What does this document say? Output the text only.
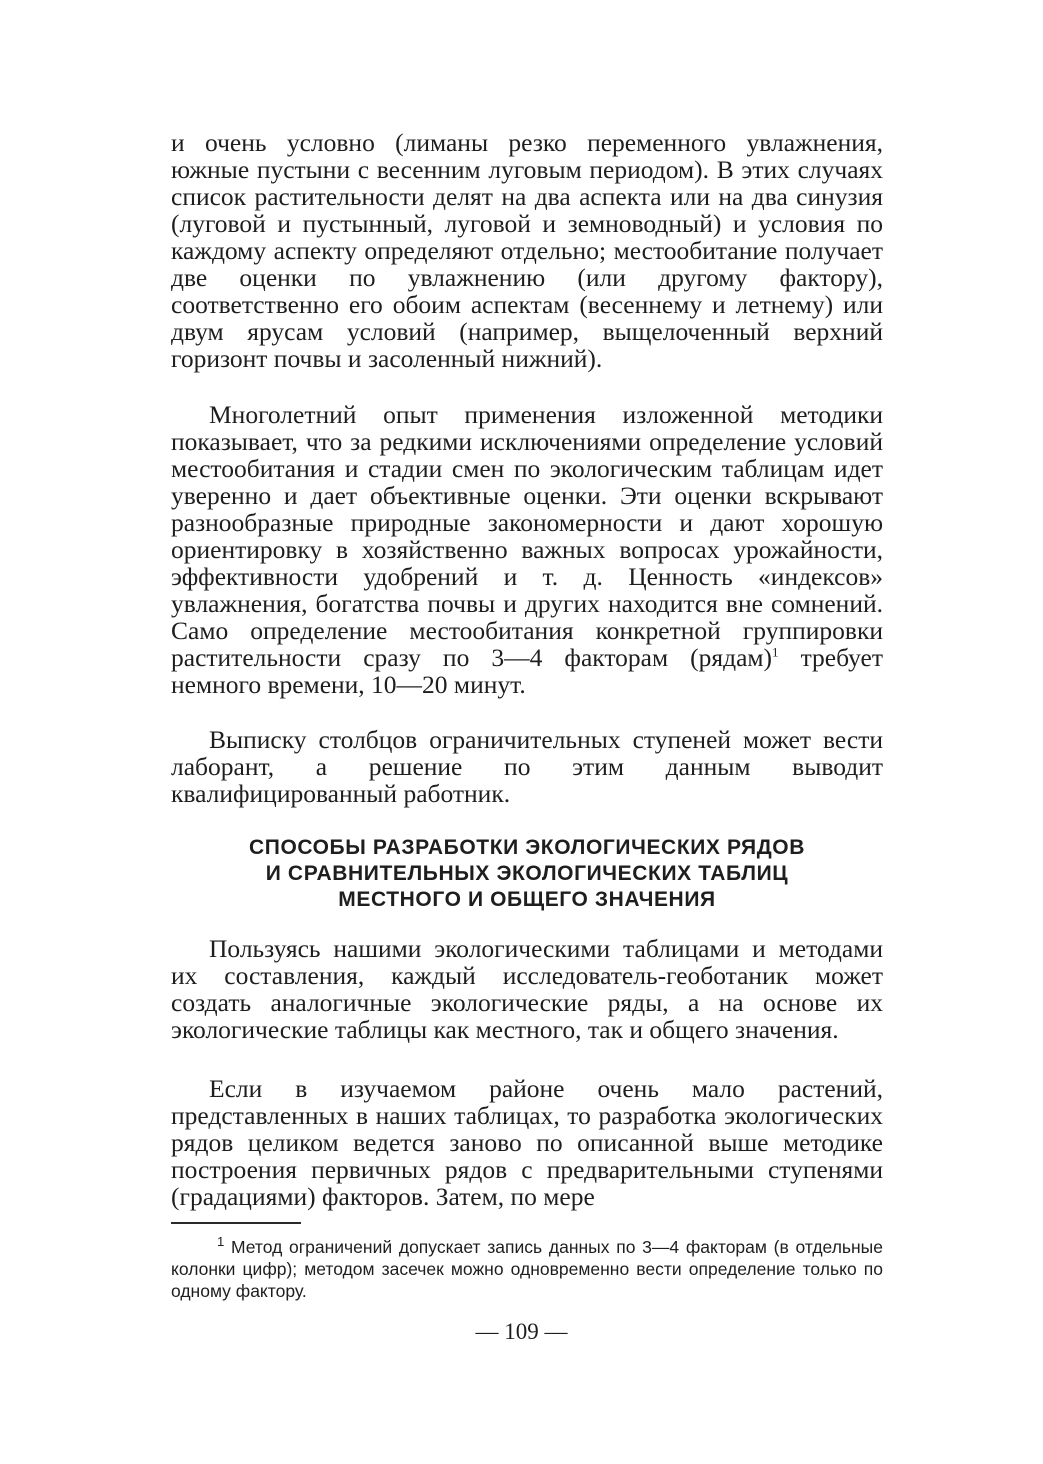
и очень условно (лиманы резко переменного увлажнения, южные пустыни с весенним луговым периодом). В этих случаях список растительности делят на два аспекта или на два синузия (луговой и пустынный, луговой и земноводный) и условия по каждому аспекту определяют отдельно; местообитание получает две оценки по увлажнению (или другому фактору), соответственно его обоим аспектам (весеннему и летнему) или двум ярусам условий (например, выщелоченный верхний горизонт почвы и засоленный нижний).

Многолетний опыт применения изложенной методики показывает, что за редкими исключениями определение условий местообитания и стадии смен по экологическим таблицам идет уверенно и дает объективные оценки. Эти оценки вскрывают разнообразные природные закономерности и дают хорошую ориентировку в хозяйственно важных вопросах урожайности, эффективности удобрений и т. д. Ценность «индексов» увлажнения, богатства почвы и других находится вне сомнений. Само определение местообитания конкретной группировки растительности сразу по 3—4 факторам (рядам)$^1$ требует немного времени, 10—20 минут.

Выписку столбцов ограничительных ступеней может вести лаборант, а решение по этим данным выводит квалифицированный работник.

СПОСОБЫ РАЗРАБОТКИ ЭКОЛОГИЧЕСКИХ РЯДОВ
И СРАВНИТЕЛЬНЫХ ЭКОЛОГИЧЕСКИХ ТАБЛИЦ
МЕСТНОГО И ОБЩЕГО ЗНАЧЕНИЯ

Пользуясь нашими экологическими таблицами и методами их составления, каждый исследователь-геоботаник может создать аналогичные экологические ряды, а на основе их экологические таблицы как местного, так и общего значения.

Если в изучаемом районе очень мало растений, представленных в наших таблицах, то разработка экологических рядов целиком ведется заново по описанной выше методике построения первичных рядов с предварительными ступенями (градациями) факторов. Затем, по мере

$^1$ Метод ограничений допускает запись данных по 3—4 факторам (в отдельные колонки цифр); методом засечек можно одновременно вести определение только по одному фактору.

— 109 —
